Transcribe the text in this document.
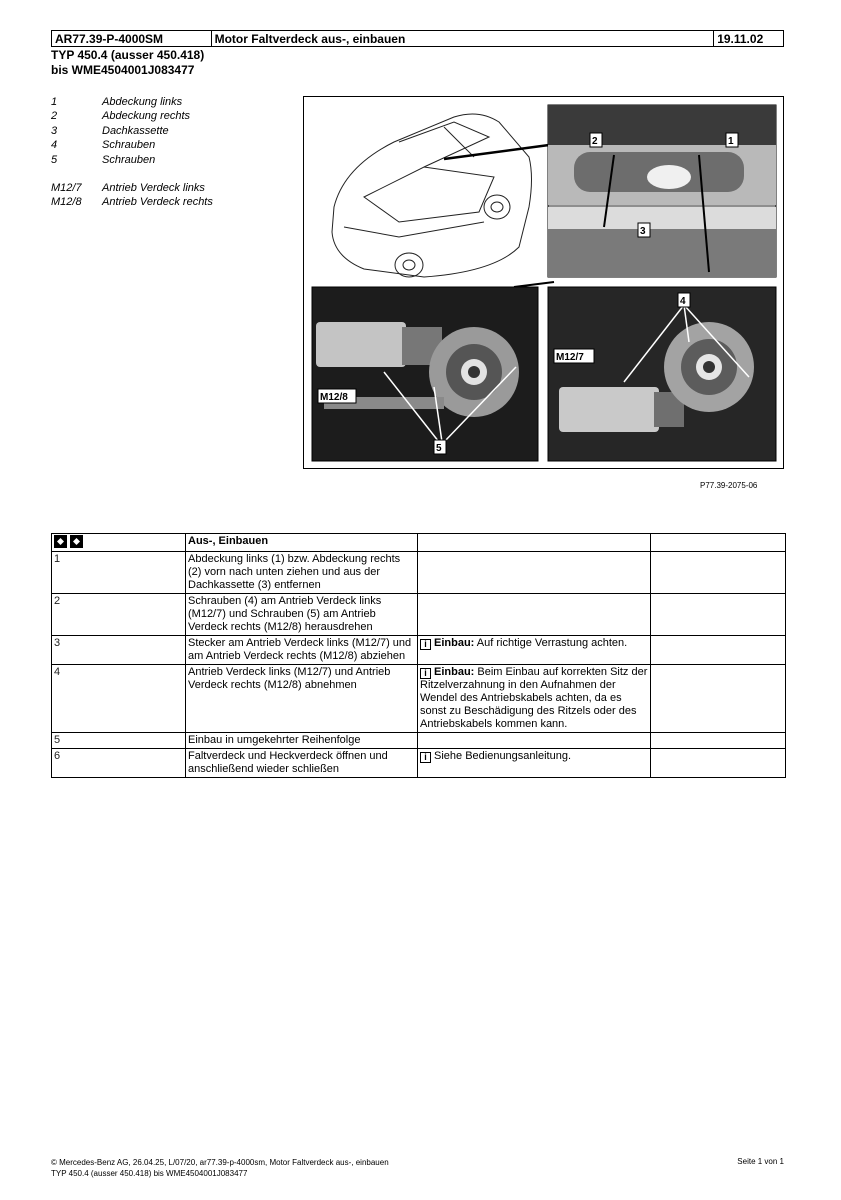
AR77.39-P-4000SM	Motor Faltverdeck aus-, einbauen	19.11.02
TYP 450.4 (ausser 450.418)
bis WME4504001J083477
1	Abdeckung links
2	Abdeckung rechts
3	Dachkassette
4	Schrauben
5	Schrauben
M12/7	Antrieb Verdeck links
M12/8	Antrieb Verdeck rechts
2	1
3
M12/8
5
4
M12/7
P77.39-2075-06
	Aus-, Einbauen		
1	Abdeckung links (1) bzw. Abdeckung rechts (2) vorn nach unten ziehen und aus der Dachkassette (3) entfernen		
2	Schrauben (4) am Antrieb Verdeck links (M12/7) und Schrauben (5) am Antrieb Verdeck rechts (M12/8) herausdrehen		
3	Stecker am Antrieb Verdeck links (M12/7) und am Antrieb Verdeck rechts (M12/8) abziehen	i Einbau: Auf richtige Verrastung achten.	
4	Antrieb Verdeck links (M12/7) und Antrieb Verdeck rechts (M12/8) abnehmen	i Einbau: Beim Einbau auf korrekten Sitz der Ritzelverzahnung in den Aufnahmen der Wendel des Antriebskabels achten, da es sonst zu Beschädigung des Ritzels oder des Antriebskabels kommen kann.	
5	Einbau in umgekehrter Reihenfolge		
6	Faltverdeck und Heckverdeck öffnen und anschließend wieder schließen	i Siehe Bedienungsanleitung.	
© Mercedes-Benz AG, 26.04.25, L/07/20, ar77.39-p-4000sm, Motor Faltverdeck aus-, einbauen
TYP 450.4 (ausser 450.418) bis WME4504001J083477
Seite 1 von 1
